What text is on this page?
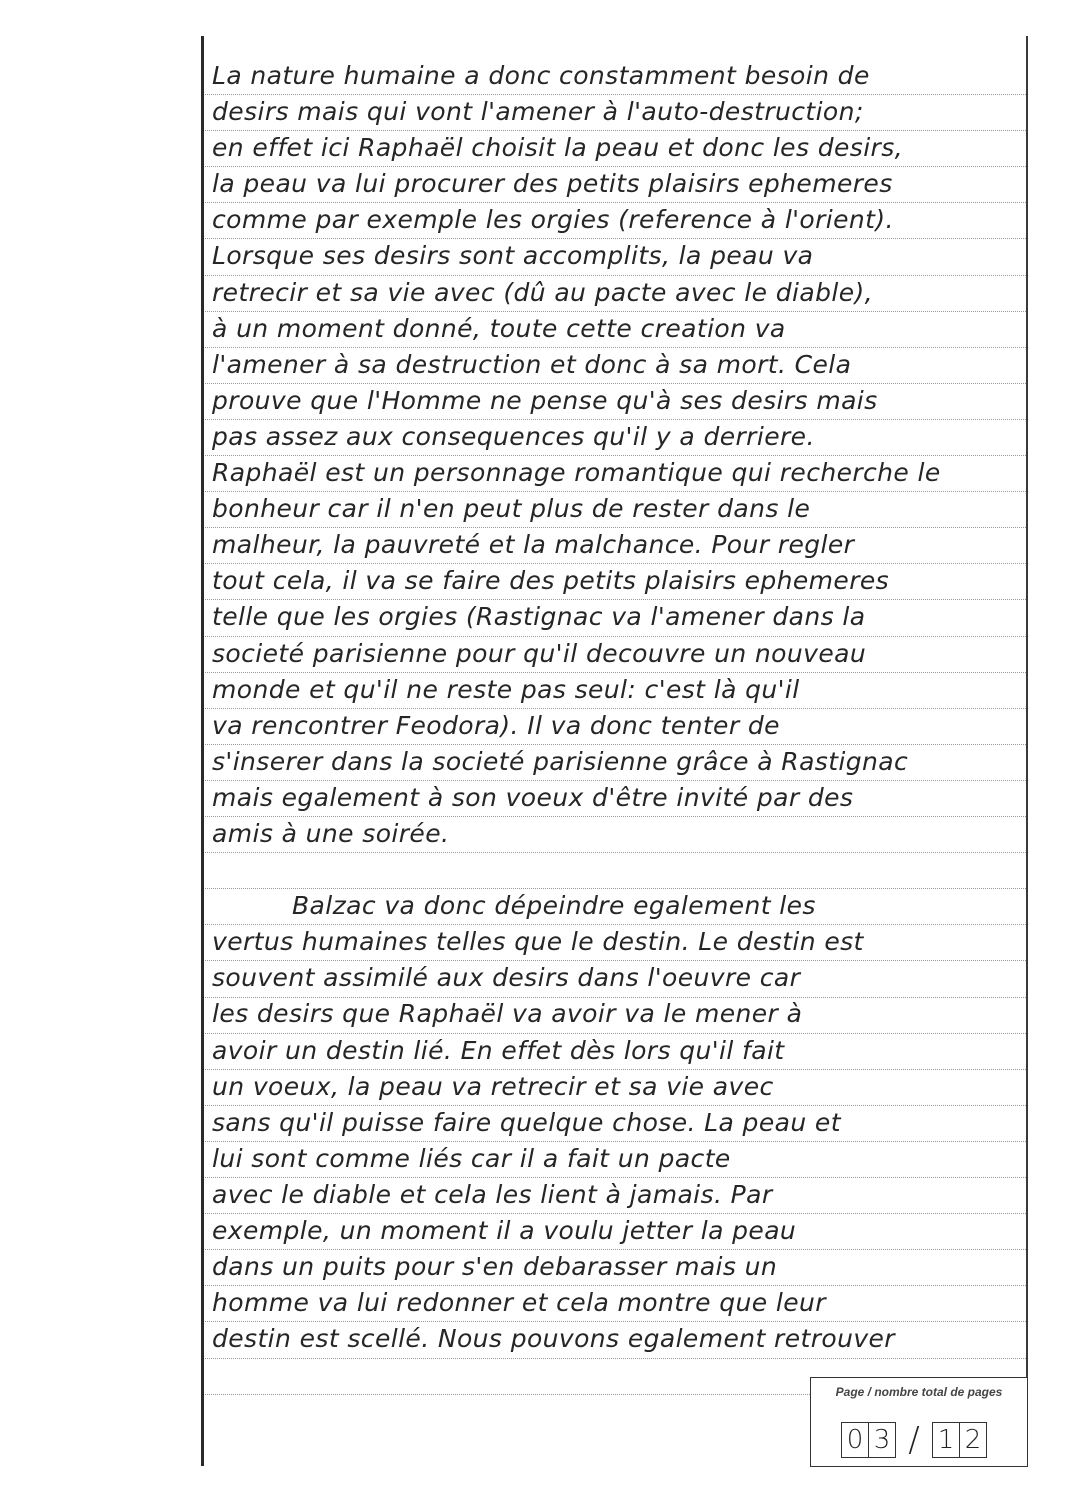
La nature humaine a donc constamment besoin de
desirs mais qui vont l'amener à l'auto-destruction;
en effet ici Raphaël choisit la peau et donc les desirs,
la peau va lui procurer des petits plaisirs ephemeres
comme par exemple les orgies (reference à l'orient).
Lorsque ses desirs sont accomplits, la peau va
retrecir et sa vie avec (dû au pacte avec le diable),
à un moment donné, toute cette creation va
l'amener à sa destruction et donc à sa mort. Cela
prouve que l'Homme ne pense qu'à ses desirs mais
pas assez aux consequences qu'il y a derriere.
Raphaël est un personnage romantique qui recherche le
bonheur car il n'en peut plus de rester dans le
malheur, la pauvreté et la malchance. Pour regler
tout cela, il va se faire des petits plaisirs ephemeres
telle que les orgies (Rastignac va l'amener dans la
societé parisienne pour qu'il decouvre un nouveau
monde et qu'il ne reste pas seul: c'est là qu'il
va rencontrer Feodora). Il va donc tenter de
s'inserer dans la societé parisienne grâce à Rastignac
mais egalement à son voeux d'être invité par des
amis à une soirée.
Balzac va donc dépeindre egalement les
vertus humaines telles que le destin. Le destin est
souvent assimilé aux desirs dans l'oeuvre car
les desirs que Raphaël va avoir va le mener à
avoir un destin lié. En effet dès lors qu'il fait
un voeux, la peau va retrecir et sa vie avec
sans qu'il puisse faire quelque chose. La peau et
lui sont comme liés car il a fait un pacte
avec le diable et cela les lient à jamais. Par
exemple, un moment il a voulu jetter la peau
dans un puits pour s'en debarasser mais un
homme va lui redonner et cela montre que leur
destin est scellé. Nous pouvons egalement retrouver
Page / nombre total de pages
0 3 / 1 2
